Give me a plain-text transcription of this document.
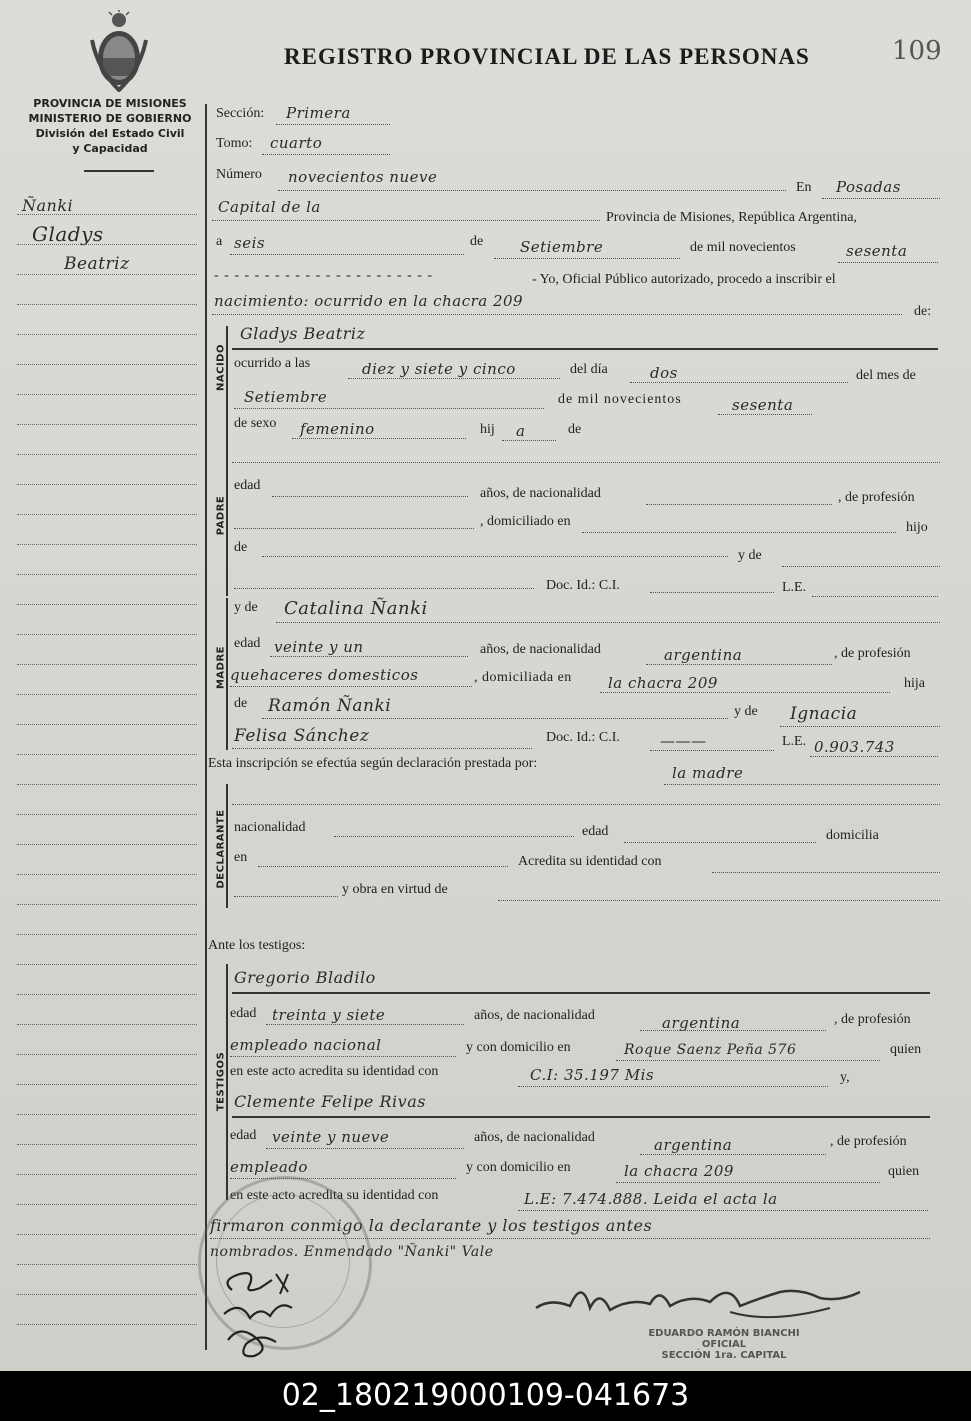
PROVINCIA DE MISIONES
MINISTERIO DE GOBIERNO
División del Estado Civil
y Capacidad
REGISTRO PROVINCIAL DE LAS PERSONAS	109
Ñanki
Gladys
Beatriz
Sección: Primera
Tomo: cuarto
Número novecientos nueve
En Posadas
Capital de la
Provincia de Misiones, República Argentina,
a seis	de Setiembre	de mil novecientos	sesenta
- - - - - - - - - - - - - - - - - - - - - -	- Yo, Oficial Público autorizado, procedo a inscribir el
nacimiento: ocurrido en la chacra 209
de:
NACIDO
Gladys Beatriz
ocurrido a las	diez y siete y cinco	del día	dos	del mes de
Setiembre	de mil novecientos	sesenta
de sexo femenino	hij a	de
PADRE
edad
años, de nacionalidad	, de profesión
, domiciliado en	hijo
de
y de
Doc. Id.: C.I.	L.E.
MADRE
y de Catalina Ñanki
edad veinte y un	años, de nacionalidad	argentina	, de profesión
quehaceres domesticos	, domiciliada en la chacra 209	hija
de Ramón Ñanki	y de Ignacia
Felisa Sánchez	Doc. Id.: C.I.	———	L.E. 0.903.743
Esta inscripción se efectúa según declaración prestada por:
la madre
DECLARANTE nacionalidad	edad	domicilia
en	Acredita su identidad con
y obra en virtud de
Ante los testigos:
TESTIGOS
Gregorio Bladilo
edad treinta y siete	años, de nacionalidad	argentina	, de profesión
empleado nacional	y con domicilio en	Roque Saenz Peña 576	quien
en este acto acredita su identidad con	C.I: 35.197 Mis	y,
Clemente Felipe Rivas
edad veinte y nueve	años, de nacionalidad	argentina	, de profesión
empleado	y con domicilio en	la chacra 209	quien
en este acto acredita su identidad con	L.E: 7.474.888. Leida el acta la
firmaron conmigo la declarante y los testigos antes
nombrados. Enmendado "Ñanki" Vale
EDUARDO RAMÓN BIANCHI
OFICIAL
SECCIÓN 1ra. CAPITAL
02_180219000109-041673
